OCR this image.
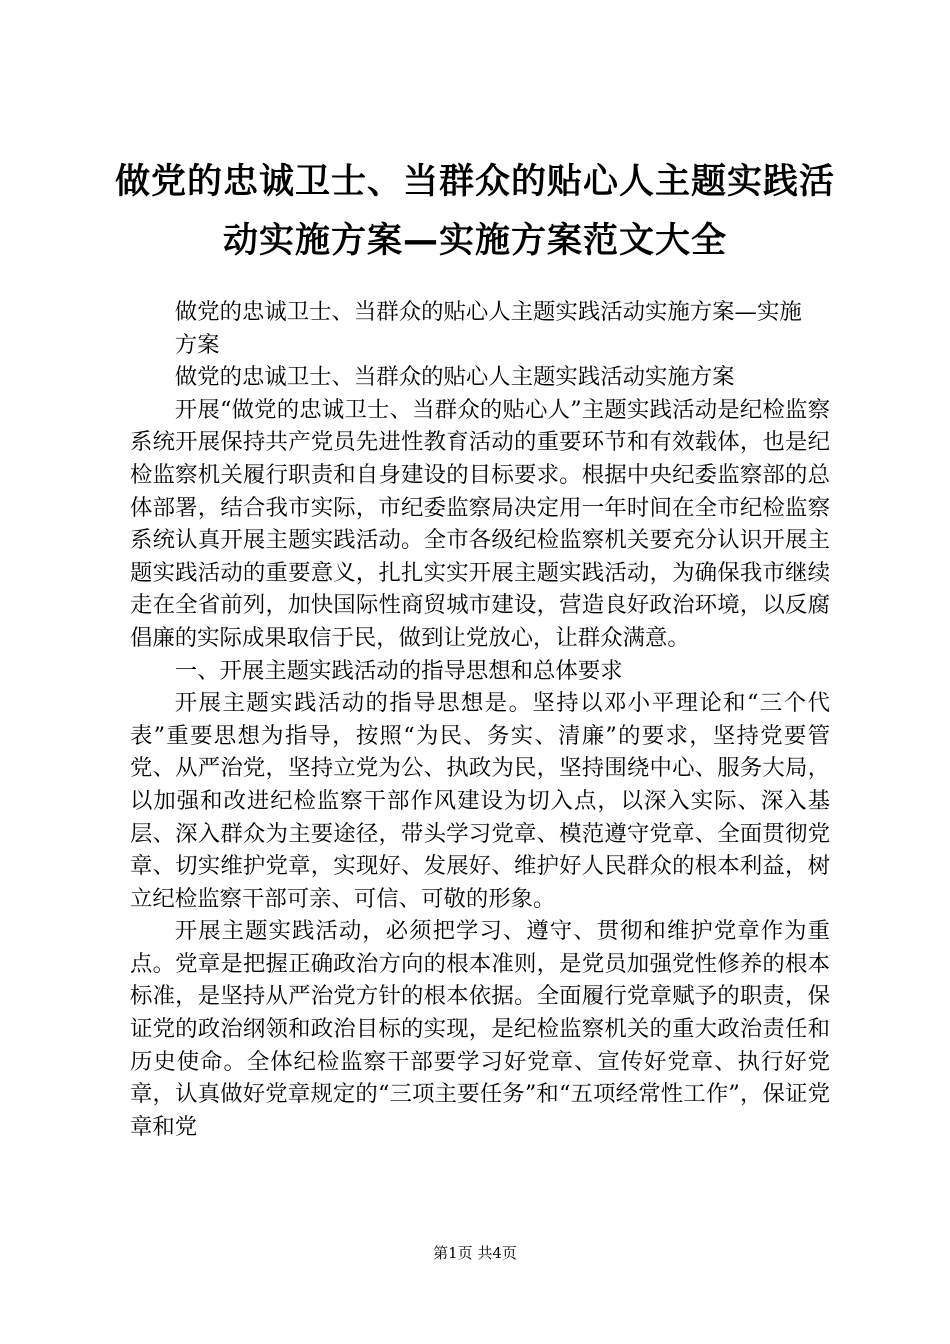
做党的忠诚卫士、当群众的贴心人主题实践活
动实施方案—实施方案范文大全

做党的忠诚卫士、当群众的贴心人主题实践活动实施方案—实施

方案

做党的忠诚卫士、当群众的贴心人主题实践活动实施方案

开展“做党的忠诚卫士、当群众的贴心人”主题实践活动是纪检监察系统开展保持共产党员先进性教育活动的重要环节和有效载体，也是纪检监察机关履行职责和自身建设的目标要求。根据中央纪委监察部的总体部署，结合我市实际，市纪委监察局决定用一年时间在全市纪检监察系统认真开展主题实践活动。全市各级纪检监察机关要充分认识开展主题实践活动的重要意义，扎扎实实开展主题实践活动，为确保我市继续走在全省前列，加快国际性商贸城市建设，营造良好政治环境，以反腐倡廉的实际成果取信于民，做到让党放心，让群众满意。

一、开展主题实践活动的指导思想和总体要求

开展主题实践活动的指导思想是。坚持以邓小平理论和“三个代表”重要思想为指导，按照“为民、务实、清廉”的要求，坚持党要管党、从严治党，坚持立党为公、执政为民，坚持围绕中心、服务大局，以加强和改进纪检监察干部作风建设为切入点，以深入实际、深入基层、深入群众为主要途径，带头学习党章、模范遵守党章、全面贯彻党章、切实维护党章，实现好、发展好、维护好人民群众的根本利益，树立纪检监察干部可亲、可信、可敬的形象。

开展主题实践活动，必须把学习、遵守、贯彻和维护党章作为重点。党章是把握正确政治方向的根本准则，是党员加强党性修养的根本标准，是坚持从严治党方针的根本依据。全面履行党章赋予的职责，保证党的政治纲领和政治目标的实现，是纪检监察机关的重大政治责任和历史使命。全体纪检监察干部要学习好党章、宣传好党章、执行好党章，认真做好党章规定的“三项主要任务”和“五项经常性工作”，保证党章和党

第1页 共4页
